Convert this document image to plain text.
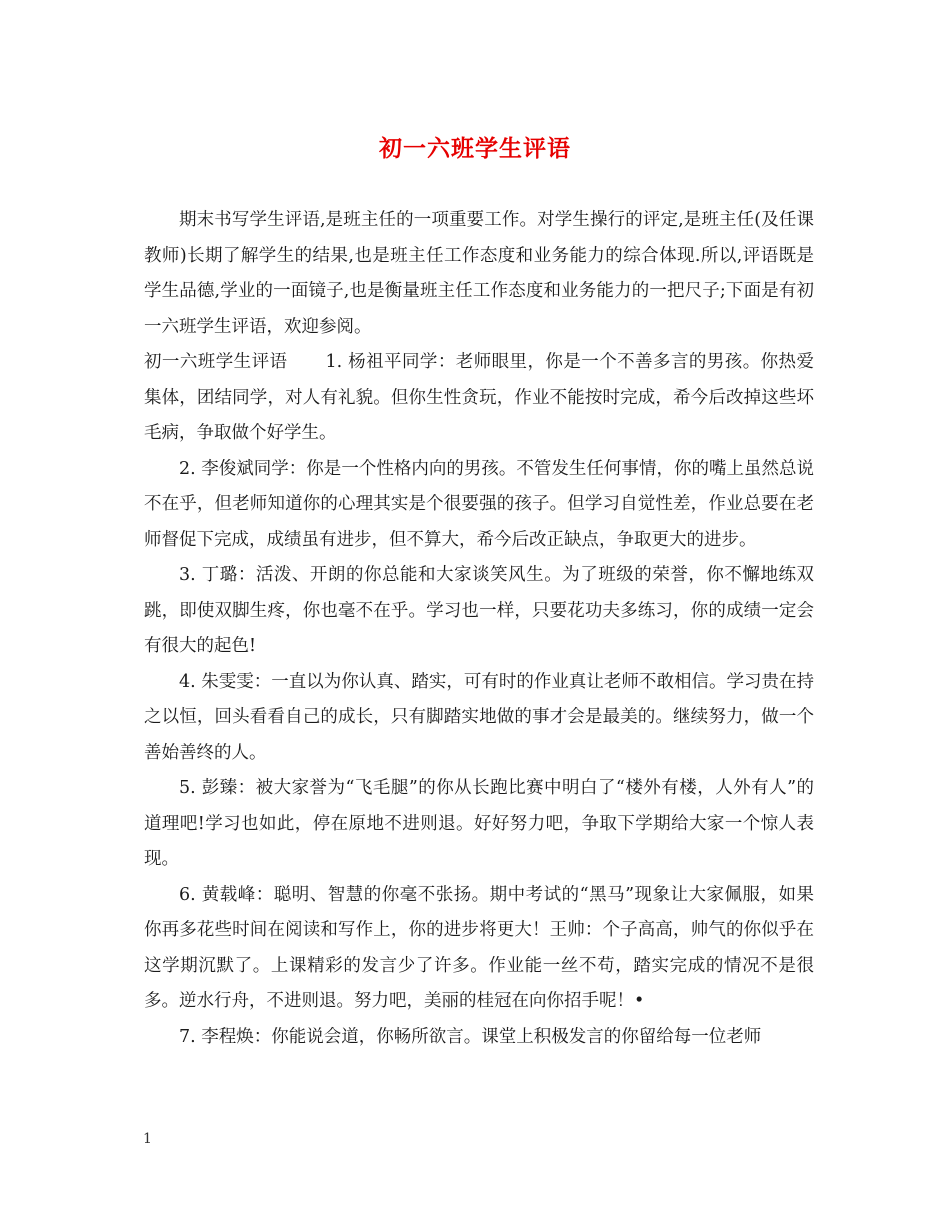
初一六班学生评语

期末书写学生评语,是班主任的一项重要工作。对学生操行的评定,是班主任(及任课教师)长期了解学生的结果,也是班主任工作态度和业务能力的综合体现.所以,评语既是学生品德,学业的一面镜子,也是衡量班主任工作态度和业务能力的一把尺子;下面是有初一六班学生评语，欢迎参阅。

初一六班学生评语 1. 杨祖平同学：老师眼里，你是一个不善多言的男孩。你热爱集体，团结同学，对人有礼貌。但你生性贪玩，作业不能按时完成，希今后改掉这些坏毛病，争取做个好学生。

2. 李俊斌同学：你是一个性格内向的男孩。不管发生任何事情，你的嘴上虽然总说不在乎，但老师知道你的心理其实是个很要强的孩子。但学习自觉性差，作业总要在老师督促下完成，成绩虽有进步，但不算大，希今后改正缺点，争取更大的进步。

3. 丁璐：活泼、开朗的你总能和大家谈笑风生。为了班级的荣誉，你不懈地练双跳，即使双脚生疼，你也毫不在乎。学习也一样，只要花功夫多练习，你的成绩一定会有很大的起色!

4. 朱雯雯：一直以为你认真、踏实，可有时的作业真让老师不敢相信。学习贵在持之以恒，回头看看自己的成长，只有脚踏实地做的事才会是最美的。继续努力，做一个善始善终的人。

5. 彭臻：被大家誉为“飞毛腿”的你从长跑比赛中明白了“楼外有楼，人外有人”的道理吧!学习也如此，停在原地不进则退。好好努力吧，争取下学期给大家一个惊人表现。

6. 黄载峰：聪明、智慧的你毫不张扬。期中考试的“黑马”现象让大家佩服，如果你再多花些时间在阅读和写作上，你的进步将更大！王帅：个子高高，帅气的你似乎在这学期沉默了。上课精彩的发言少了许多。作业能一丝不苟，踏实完成的情况不是很多。逆水行舟，不进则退。努力吧，美丽的桂冠在向你招手呢！•

7. 李程焕：你能说会道，你畅所欲言。课堂上积极发言的你留给每一位老师

1
